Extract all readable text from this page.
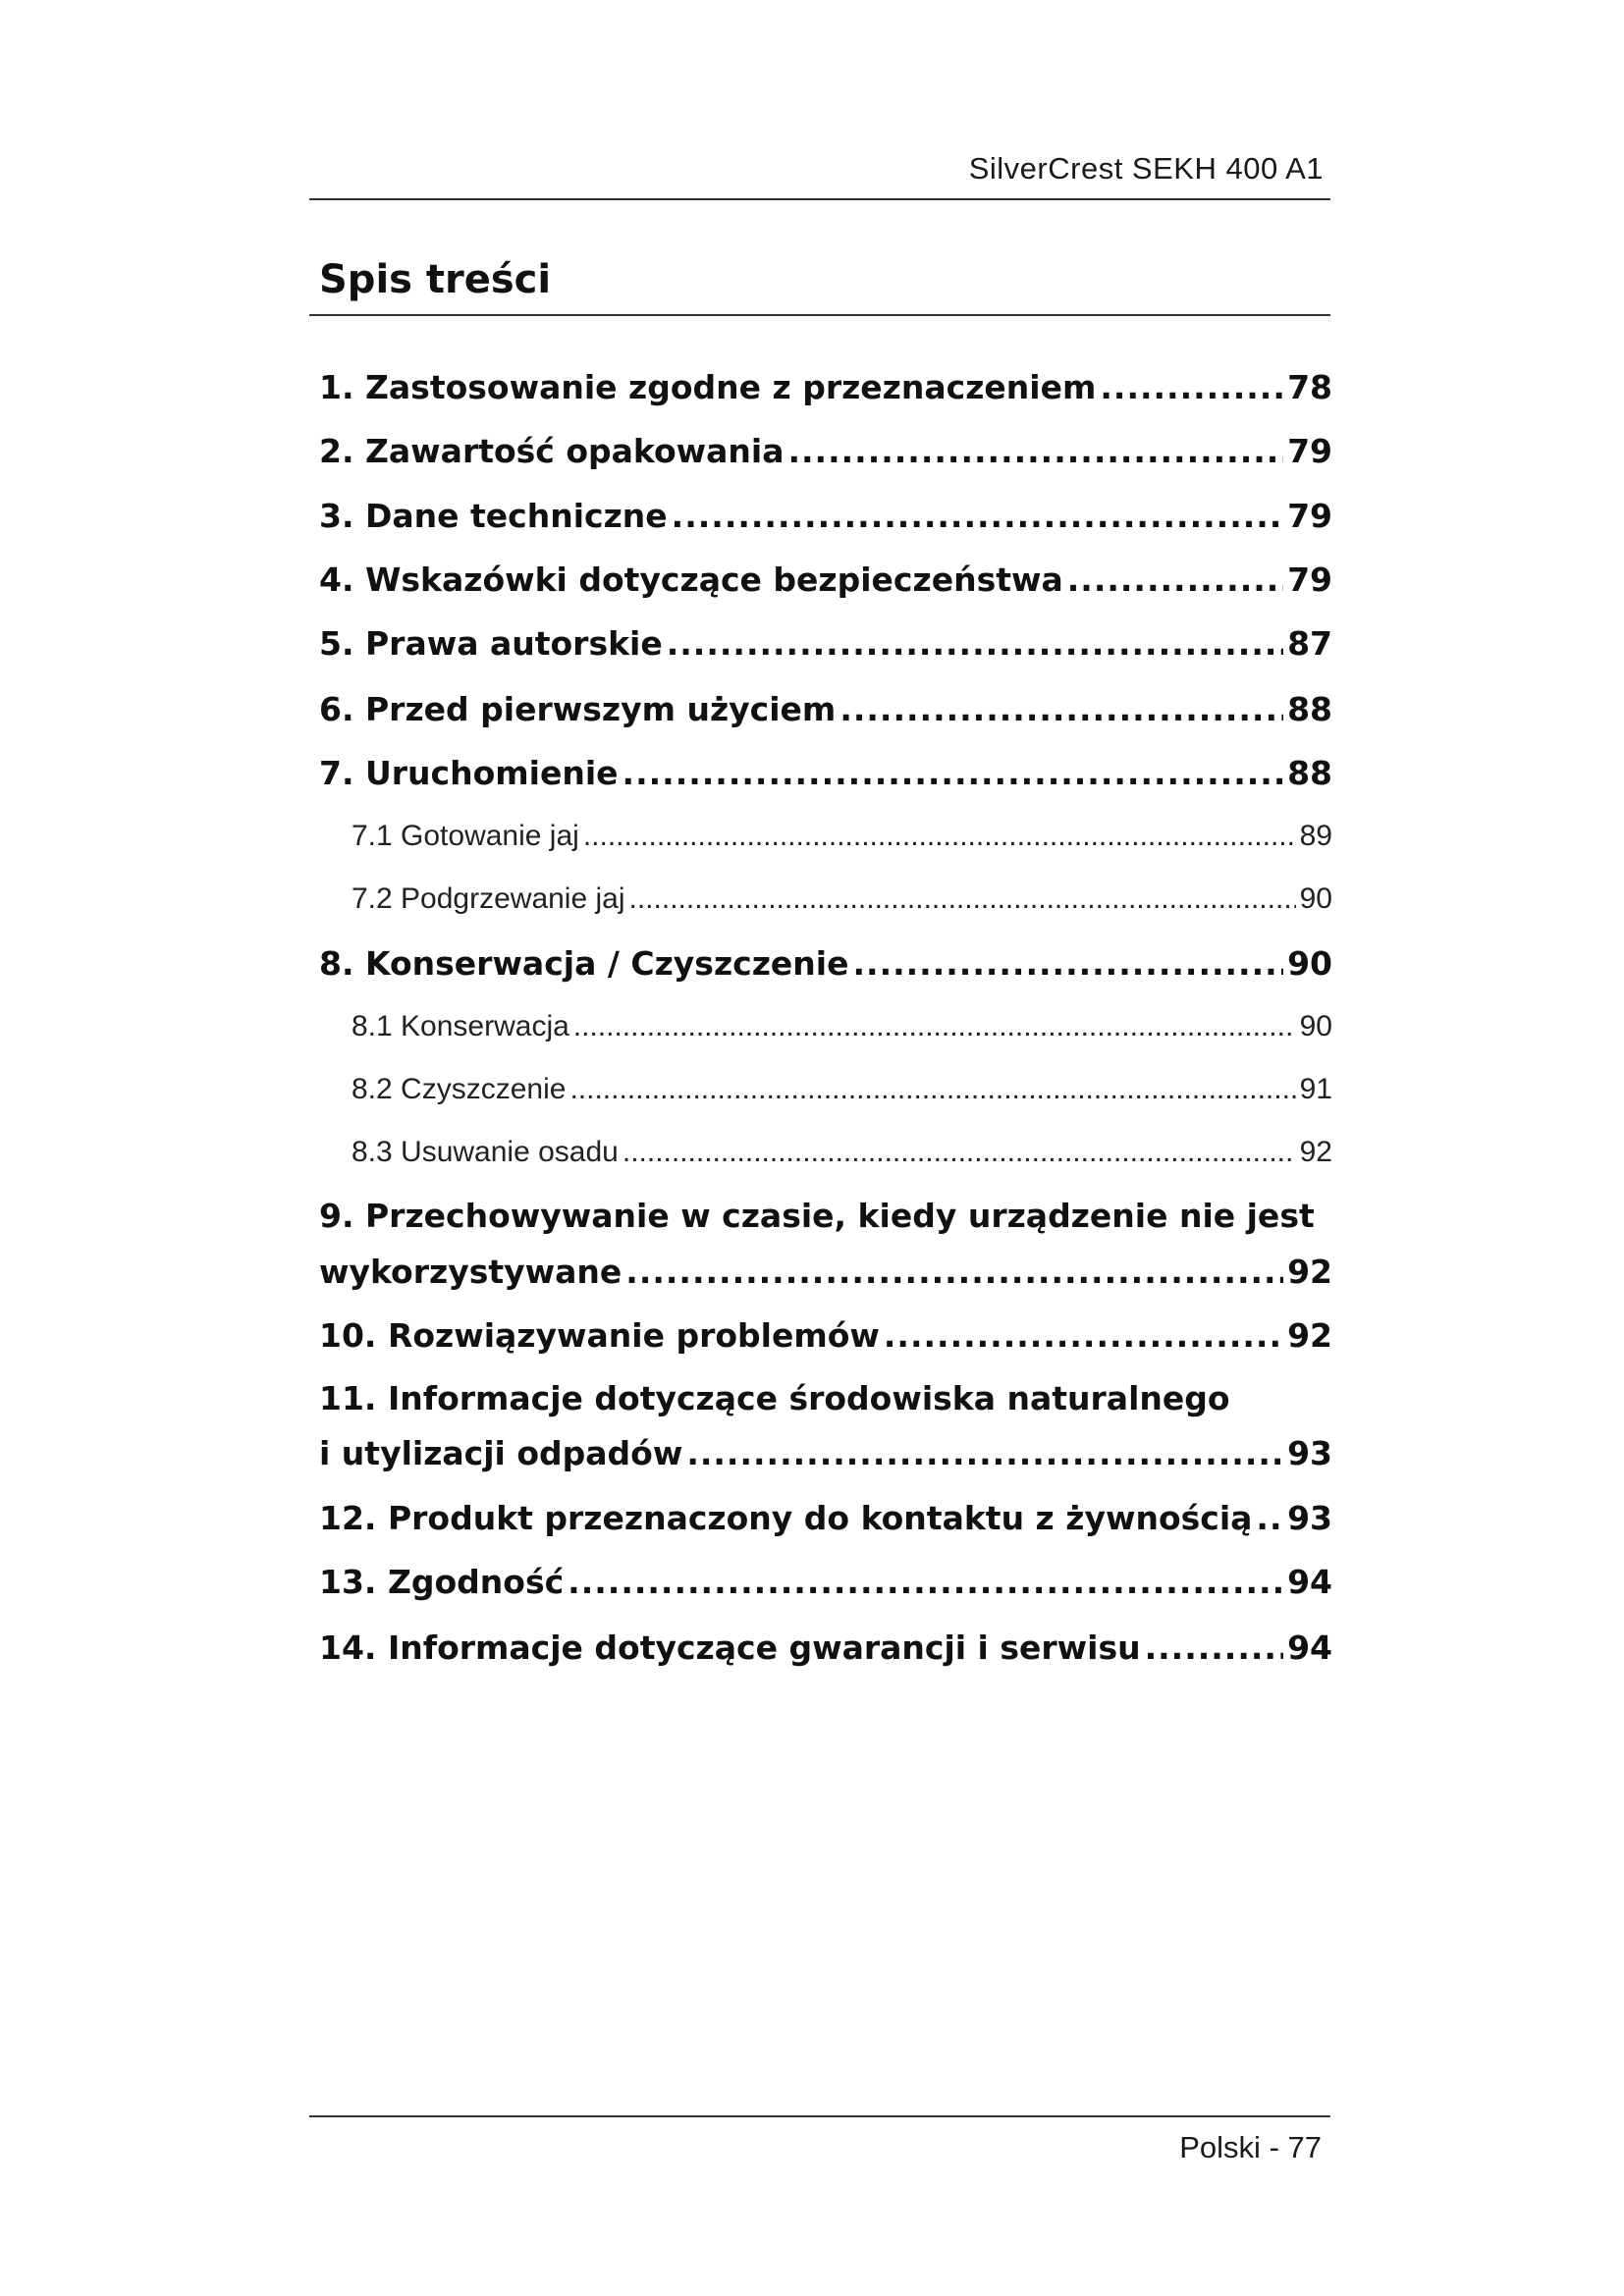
SilverCrest SEKH 400 A1
Spis treści
1. Zastosowanie zgodne z przeznaczeniem .....	78
2. Zawartość opakowania .....	79
3. Dane techniczne .....	79
4. Wskazówki dotyczące bezpieczeństwa .....	79
5. Prawa autorskie .....	87
6. Przed pierwszym użyciem .....	88
7. Uruchomienie .....	88
7.1 Gotowanie jaj .....	89
7.2 Podgrzewanie jaj .....	90
8. Konserwacja / Czyszczenie .....	90
8.1 Konserwacja .....	90
8.2 Czyszczenie .....	91
8.3 Usuwanie osadu .....	92
9. Przechowywanie w czasie, kiedy urządzenie nie jest
wykorzystywane .....	92
10. Rozwiązywanie problemów .....	92
11. Informacje dotyczące środowiska naturalnego
i utylizacji odpadów .....	93
12. Produkt przeznaczony do kontaktu z żywnością ..... 93
13. Zgodność .....	94
14. Informacje dotyczące gwarancji i serwisu .....	94
Polski - 77
